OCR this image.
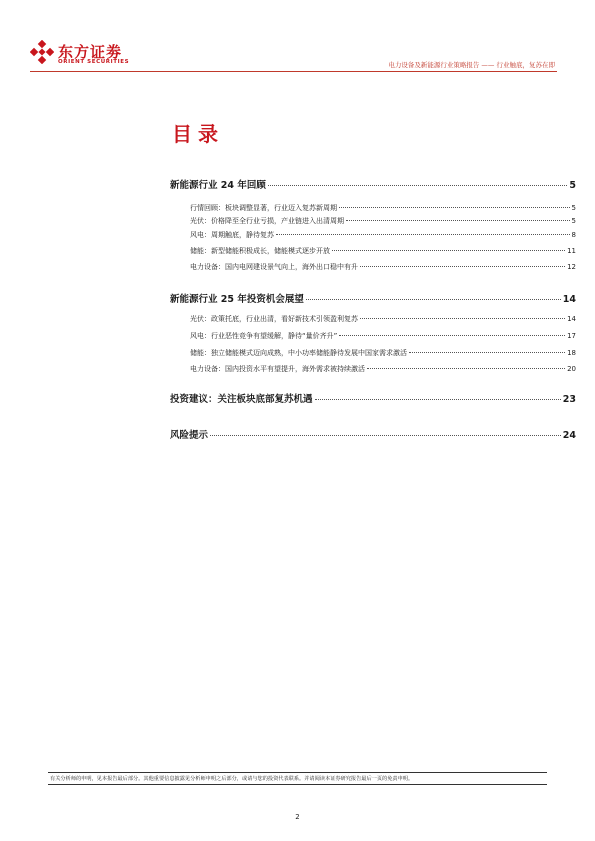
东方证劵
ORIENT SECURITIES	电力设备及新能源行业策略报告 —— 行业触底，复苏在即
目录
新能源行业 24 年回顾	5
行情回顾：板块调整显著，行业迈入复苏新周期	5
光伏：价格降至全行业亏损，产业链进入出清周期	5
风电：周期触底，静待复苏	8
储能：新型储能积极成长，储能模式逐步开放	11
电力设备：国内电网建设景气向上，海外出口稳中有升	12
新能源行业 25 年投资机会展望	14
光伏：政策托底，行业出清，看好新技术引领盈利复苏	14
风电：行业恶性竞争有望缓解，静待“量价齐升”	17
储能：独立储能模式迈向成熟，中小功率储能静待发展中国家需求激活	18
电力设备：国内投资水平有望提升，海外需求被持续激活	20
投资建议：关注板块底部复苏机遇	23
风险提示	24
有关分析师的申明，见本报告最后部分。其他重要信息披露见分析师申明之后部分，或请与您的投资代表联系。并请阅读本证券研究报告最后一页的免责申明。
2
